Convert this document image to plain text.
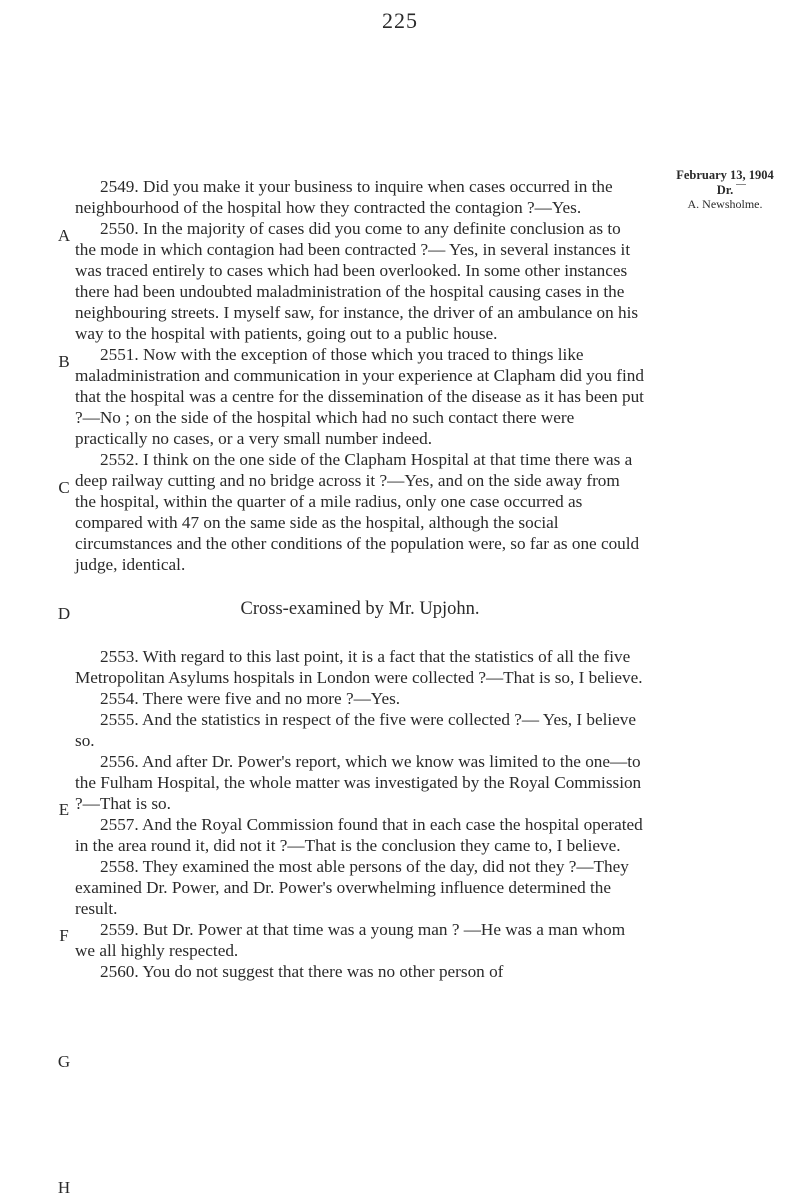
225
February 13, 1904
Dr.
A. Newsholme.
A
B
C
D
E
F
G
H

2549. Did you make it your business to inquire when cases occurred in the neighbourhood of the hospital how they contracted the contagion ?—Yes.

2550. In the majority of cases did you come to any definite conclusion as to the mode in which contagion had been contracted ?— Yes, in several instances it was traced entirely to cases which had been overlooked. In some other instances there had been undoubted maladministration of the hospital causing cases in the neighbouring streets. I myself saw, for instance, the driver of an ambulance on his way to the hospital with patients, going out to a public house.

2551. Now with the exception of those which you traced to things like maladministration and communication in your experience at Clapham did you find that the hospital was a centre for the dissemination of the disease as it has been put ?—No ; on the side of the hospital which had no such contact there were practically no cases, or a very small number indeed.

2552. I think on the one side of the Clapham Hospital at that time there was a deep railway cutting and no bridge across it ?—Yes, and on the side away from the hospital, within the quarter of a mile radius, only one case occurred as compared with 47 on the same side as the hospital, although the social circumstances and the other conditions of the population were, so far as one could judge, identical.

Cross-examined by Mr. Upjohn.

2553. With regard to this last point, it is a fact that the statistics of all the five Metropolitan Asylums hospitals in London were collected ?—That is so, I believe.

2554. There were five and no more ?—Yes.

2555. And the statistics in respect of the five were collected ?— Yes, I believe so.

2556. And after Dr. Power's report, which we know was limited to the one—to the Fulham Hospital, the whole matter was investigated by the Royal Commission ?—That is so.

2557. And the Royal Commission found that in each case the hospital operated in the area round it, did not it ?—That is the conclusion they came to, I believe.

2558. They examined the most able persons of the day, did not they ?—They examined Dr. Power, and Dr. Power's overwhelming influence determined the result.

2559. But Dr. Power at that time was a young man ? —He was a man whom we all highly respected.

2560. You do not suggest that there was no other person of
